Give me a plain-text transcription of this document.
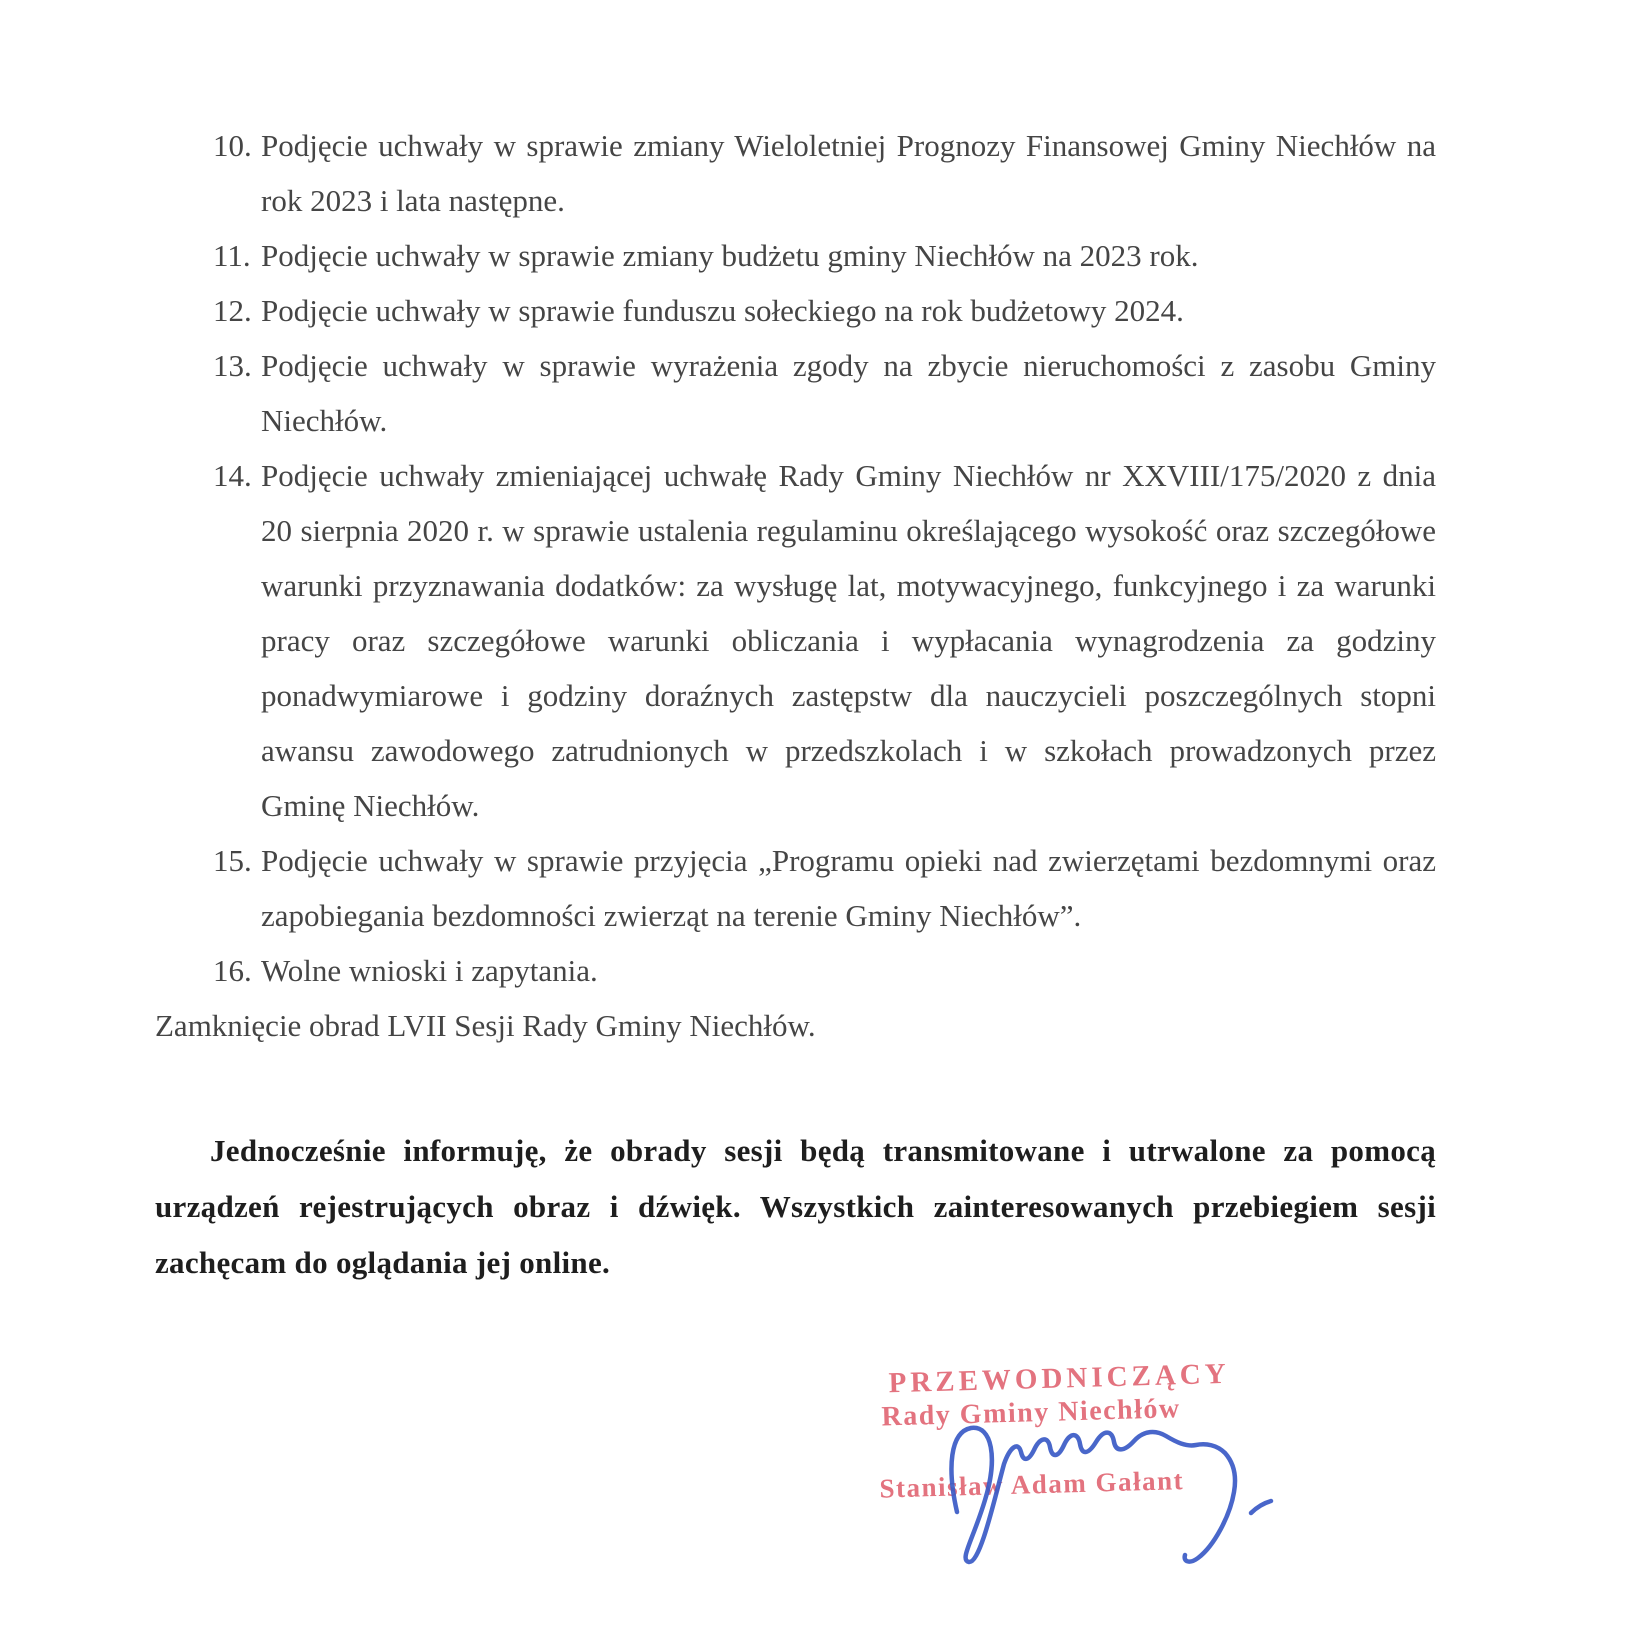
10. Podjęcie uchwały w sprawie zmiany Wieloletniej Prognozy Finansowej Gminy Niechłów na rok 2023 i lata następne.
11. Podjęcie uchwały w sprawie zmiany budżetu gminy Niechłów na 2023 rok.
12. Podjęcie uchwały w sprawie funduszu sołeckiego na rok budżetowy 2024.
13. Podjęcie uchwały w sprawie wyrażenia zgody na zbycie nieruchomości z zasobu Gminy Niechłów.
14. Podjęcie uchwały zmieniającej uchwałę Rady Gminy Niechłów nr XXVIII/175/2020 z dnia 20 sierpnia 2020 r. w sprawie ustalenia regulaminu określającego wysokość oraz szczegółowe warunki przyznawania dodatków: za wysługę lat, motywacyjnego, funkcyjnego i za warunki pracy oraz szczegółowe warunki obliczania i wypłacania wynagrodzenia za godziny ponadwymiarowe i godziny doraźnych zastępstw dla nauczycieli poszczególnych stopni awansu zawodowego zatrudnionych w przedszkolach i w szkołach prowadzonych przez Gminę Niechłów.
15. Podjęcie uchwały w sprawie przyjęcia „Programu opieki nad zwierzętami bezdomnymi oraz zapobiegania bezdomności zwierząt na terenie Gminy Niechłów”.
16. Wolne wnioski i zapytania.
Zamknięcie obrad LVII Sesji Rady Gminy Niechłów.

Jednocześnie informuję, że obrady sesji będą transmitowane i utrwalone za pomocą urządzeń rejestrujących obraz i dźwięk. Wszystkich zainteresowanych przebiegiem sesji zachęcam do oglądania jej online.

PRZEWODNICZĄCY
Rady Gminy Niechłów
Stanisław Adam Gałant
